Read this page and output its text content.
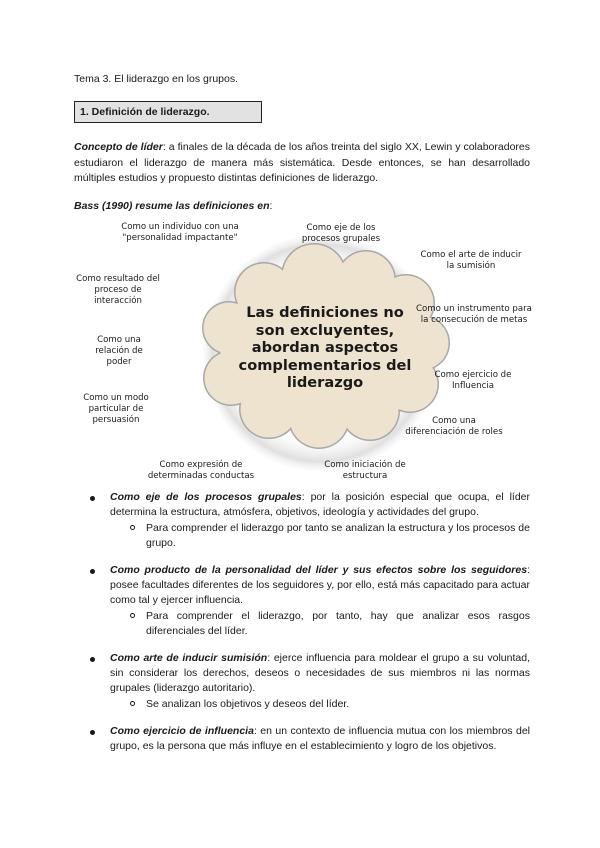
Tema 3. El liderazgo en los grupos.
1. Definición de liderazgo.
Concepto de líder: a finales de la década de los años treinta del siglo XX, Lewin y colaboradores estudiaron el liderazgo de manera más sistemática. Desde entonces, se han desarrollado múltiples estudios y propuesto distintas definiciones de liderazgo.
Bass (1990) resume las definiciones en:
Las definiciones no son excluyentes, abordan aspectos complementarios del liderazgo
Como un individuo con una "personalidad impactante"
Como eje de los procesos grupales
Como el arte de inducir la sumisión
Como resultado del proceso de interacción
Como un instrumento para la consecución de metas
Como una relación de poder
Como ejercicio de Influencia
Como un modo particular de persuasión	Como una diferenciación de roles
Como expresión de determinadas conductas
Como iniciación de estructura
Como eje de los procesos grupales: por la posición especial que ocupa, el líder determina la estructura, atmósfera, objetivos, ideología y actividades del grupo.
Para comprender el liderazgo por tanto se analizan la estructura y los procesos de grupo.
Como producto de la personalidad del líder y sus efectos sobre los seguidores: posee facultades diferentes de los seguidores y, por ello, está más capacitado para actuar como tal y ejercer influencia.
Para comprender el liderazgo, por tanto, hay que analizar esos rasgos diferenciales del líder.
Como arte de inducir sumisión: ejerce influencia para moldear el grupo a su voluntad, sin considerar los derechos, deseos o necesidades de sus miembros ni las normas grupales (liderazgo autoritario).
Se analizan los objetivos y deseos del líder.
Como ejercicio de influencia: en un contexto de influencia mutua con los miembros del grupo, es la persona que más influye en el establecimiento y logro de los objetivos.
